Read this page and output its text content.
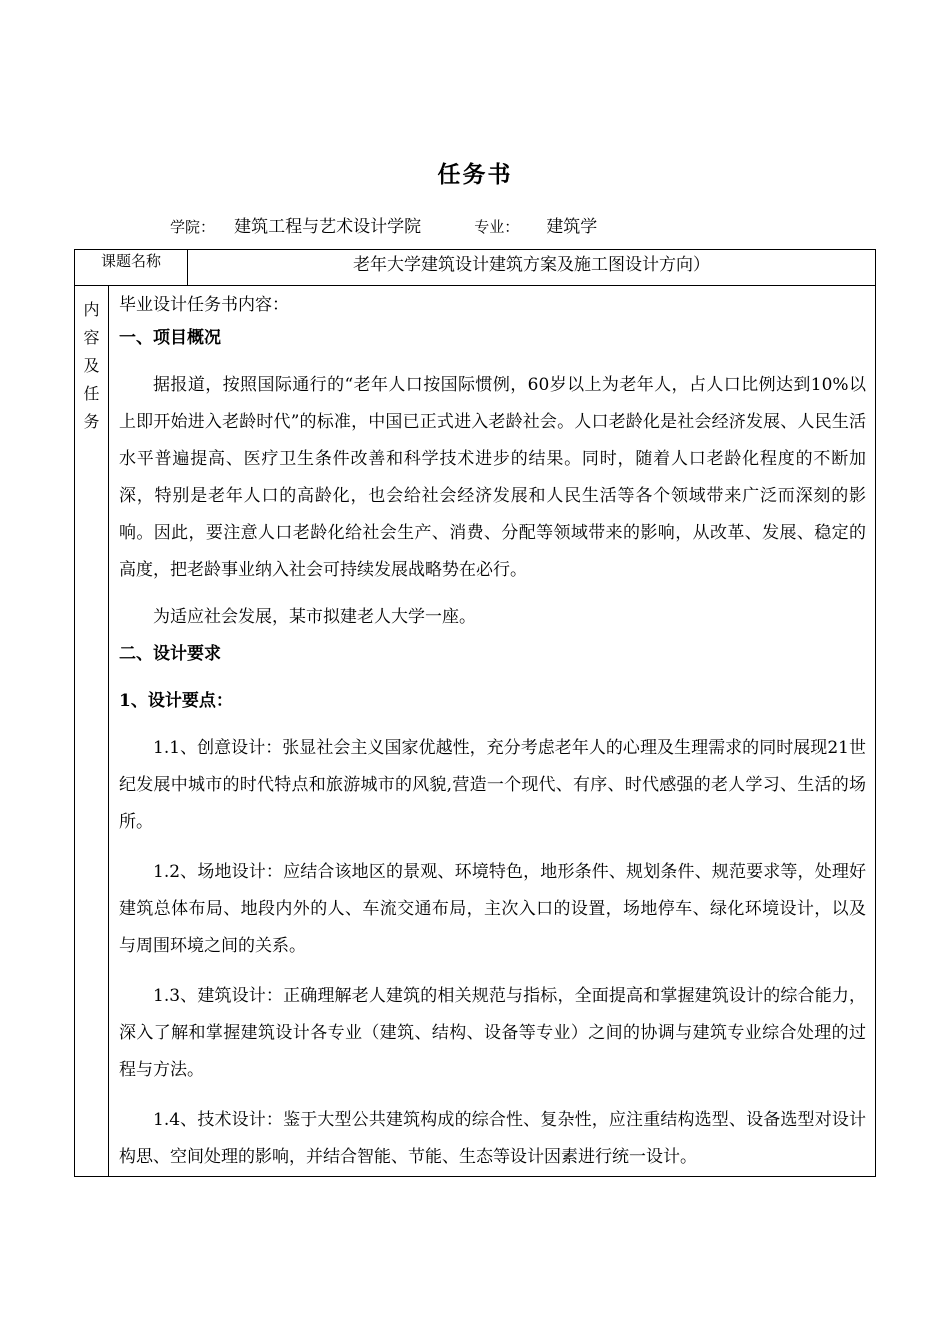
任务书
学院： 建筑工程与艺术设计学院	专业： 建筑学
课题名称	老年大学建筑设计建筑方案及施工图设计方向）
内
容
及
任
务

毕业设计任务书内容：

一、项目概况

据报道，按照国际通行的“老年人口按国际惯例，60岁以上为老年人，占人口比例达到10%以上即开始进入老龄时代”的标准，中国已正式进入老龄社会。人口老龄化是社会经济发展、人民生活水平普遍提高、医疗卫生条件改善和科学技术进步的结果。同时，随着人口老龄化程度的不断加深，特别是老年人口的高龄化，也会给社会经济发展和人民生活等各个领域带来广泛而深刻的影响。因此，要注意人口老龄化给社会生产、消费、分配等领域带来的影响，从改革、发展、稳定的高度，把老龄事业纳入社会可持续发展战略势在必行。

为适应社会发展，某市拟建老人大学一座。

二、设计要求

1、设计要点：

1.1、创意设计：张显社会主义国家优越性，充分考虑老年人的心理及生理需求的同时展现21世纪发展中城市的时代特点和旅游城市的风貌,营造一个现代、有序、时代感强的老人学习、生活的场所。

1.2、场地设计：应结合该地区的景观、环境特色，地形条件、规划条件、规范要求等，处理好建筑总体布局、地段内外的人、车流交通布局，主次入口的设置，场地停车、绿化环境设计，以及与周围环境之间的关系。

1.3、建筑设计：正确理解老人建筑的相关规范与指标，全面提高和掌握建筑设计的综合能力，深入了解和掌握建筑设计各专业（建筑、结构、设备等专业）之间的协调与建筑专业综合处理的过程与方法。

1.4、技术设计：鉴于大型公共建筑构成的综合性、复杂性，应注重结构选型、设备选型对设计构思、空间处理的影响，并结合智能、节能、生态等设计因素进行统一设计。
